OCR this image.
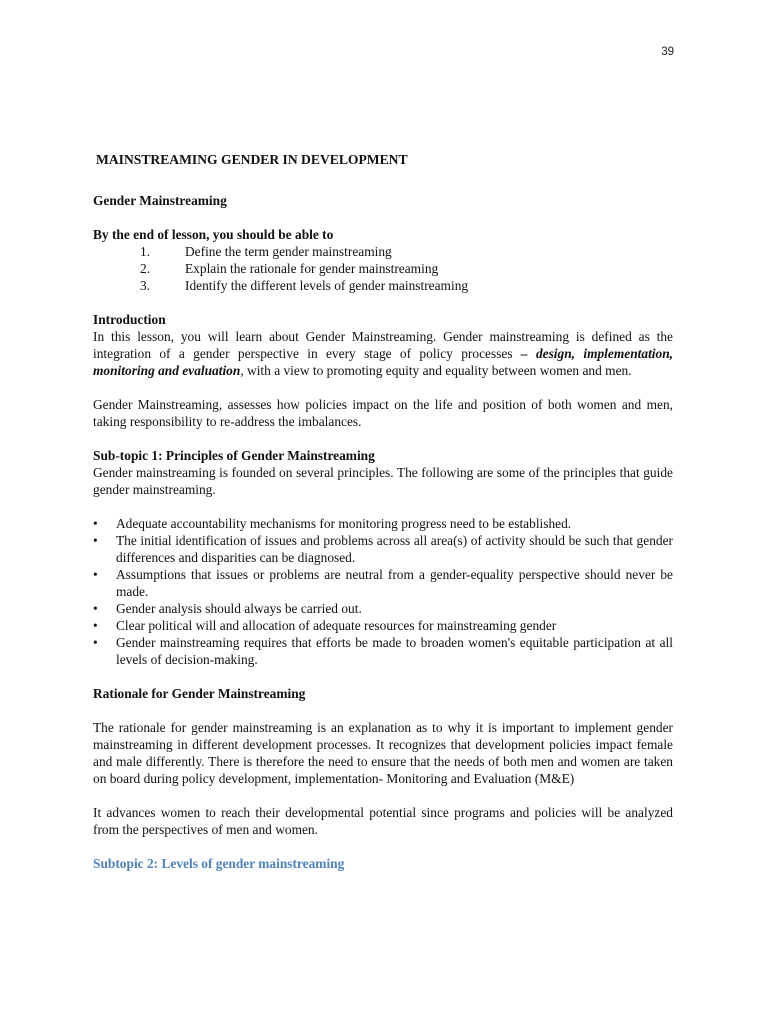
39
MAINSTREAMING GENDER IN DEVELOPMENT
Gender Mainstreaming
By the end of lesson, you should be able to
1.	Define the term gender mainstreaming
2.	Explain the rationale for gender mainstreaming
3.	Identify the different levels of gender mainstreaming
Introduction

In this lesson, you will learn about Gender Mainstreaming. Gender mainstreaming is defined as the integration of a gender perspective in every stage of policy processes – design, implementation, monitoring and evaluation, with a view to promoting equity and equality between women and men.

Gender Mainstreaming, assesses how policies impact on the life and position of both women and men, taking responsibility to re-address the imbalances.

Sub-topic 1: Principles of Gender Mainstreaming

Gender mainstreaming is founded on several principles. The following are some of the principles that guide gender mainstreaming.

• Adequate accountability mechanisms for monitoring progress need to be established.
• The initial identification of issues and problems across all area(s) of activity should be such that gender differences and disparities can be diagnosed.
• Assumptions that issues or problems are neutral from a gender-equality perspective should never be made.
• Gender analysis should always be carried out.
• Clear political will and allocation of adequate resources for mainstreaming gender
• Gender mainstreaming requires that efforts be made to broaden women's equitable participation at all levels of decision-making.
Rationale for Gender Mainstreaming

The rationale for gender mainstreaming is an explanation as to why it is important to implement gender mainstreaming in different development processes. It recognizes that development policies impact female and male differently. There is therefore the need to ensure that the needs of both men and women are taken on board during policy development, implementation- Monitoring and Evaluation (M&E)

It advances women to reach their developmental potential since programs and policies will be analyzed from the perspectives of men and women.

Subtopic 2: Levels of gender mainstreaming
